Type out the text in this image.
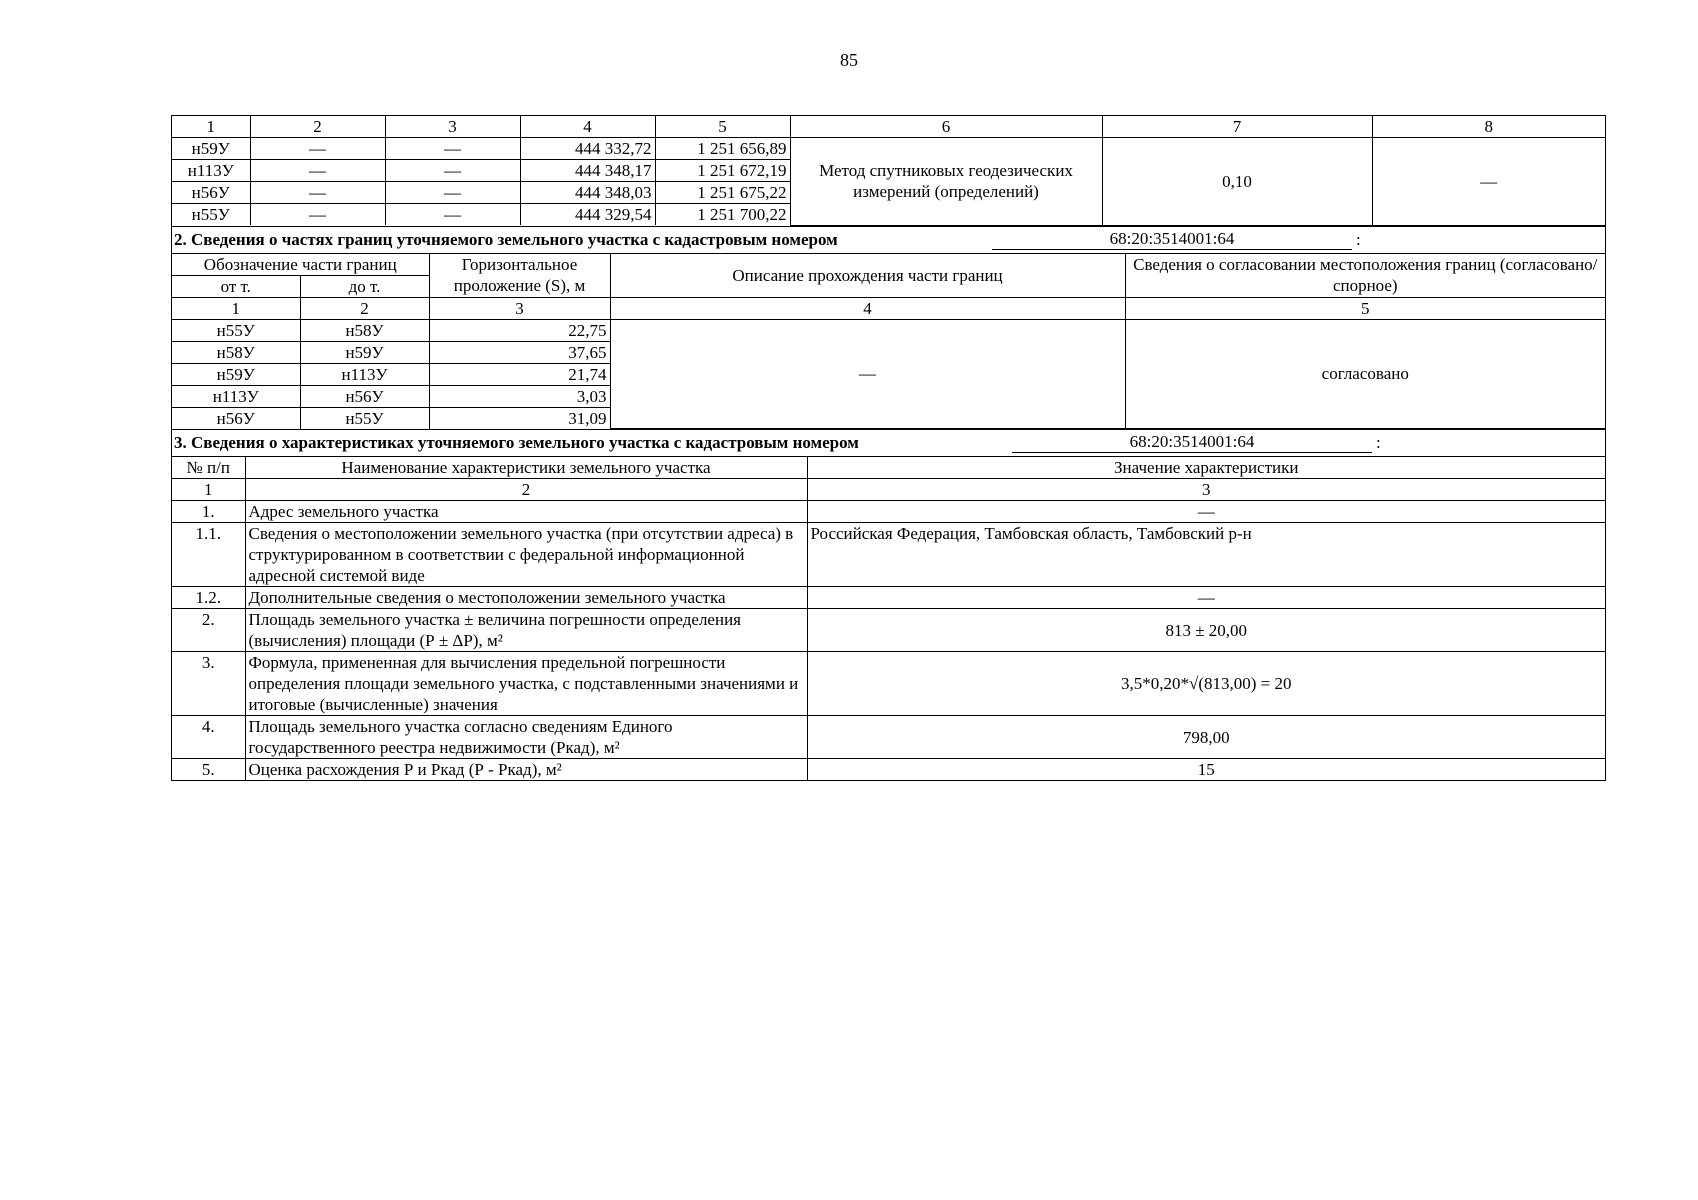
85
1	2	3	4	5	6	7	8
н59У	—	—	444 332,72	1 251 656,89	Метод спутниковых геодезических измерений (определений)	0,10	—
н113У	—	—	444 348,17	1 251 672,19			
н56У	—	—	444 348,03	1 251 675,22			
н55У	—	—	444 329,54	1 251 700,22			
2. Сведения о частях границ уточняемого земельного участка с кадастровым номером	68:20:3514001:64	:
Обозначение части границ		Горизонтальное проложение (S), м	Описание прохождения части границ	Сведения о согласовании местоположения границ (согласовано/спорное)
от т.	до т.			
1	2	3	4	5
н55У	н58У	22,75	—	согласовано
н58У	н59У	37,65		
н59У	н113У	21,74		
н113У	н56У	3,03		
н56У	н55У	31,09		
3. Сведения о характеристиках уточняемого земельного участка с кадастровым номером	68:20:3514001:64	:
№ п/п	Наименование характеристики земельного участка	Значение характеристики
1	2	3
1.	Адрес земельного участка	—
1.1.	Сведения о местоположении земельного участка (при отсутствии адреса) в структурированном в соответствии с федеральной информационной адресной системой виде	Российская Федерация, Тамбовская область, Тамбовский р-н
1.2.	Дополнительные сведения о местоположении земельного участка	—
2.	Площадь земельного участка ± величина погрешности определения (вычисления) площади (Р ± ΔР), м²	813 ± 20,00
3.	Формула, примененная для вычисления предельной погрешности определения площади земельного участка, с подставленными значениями и итоговые (вычисленные) значения	3,5*0,20*√(813,00) = 20
4.	Площадь земельного участка согласно сведениям Единого государственного реестра недвижимости (Ркад), м²	798,00
5.	Оценка расхождения Р и Ркад (Р - Ркад), м²	15
